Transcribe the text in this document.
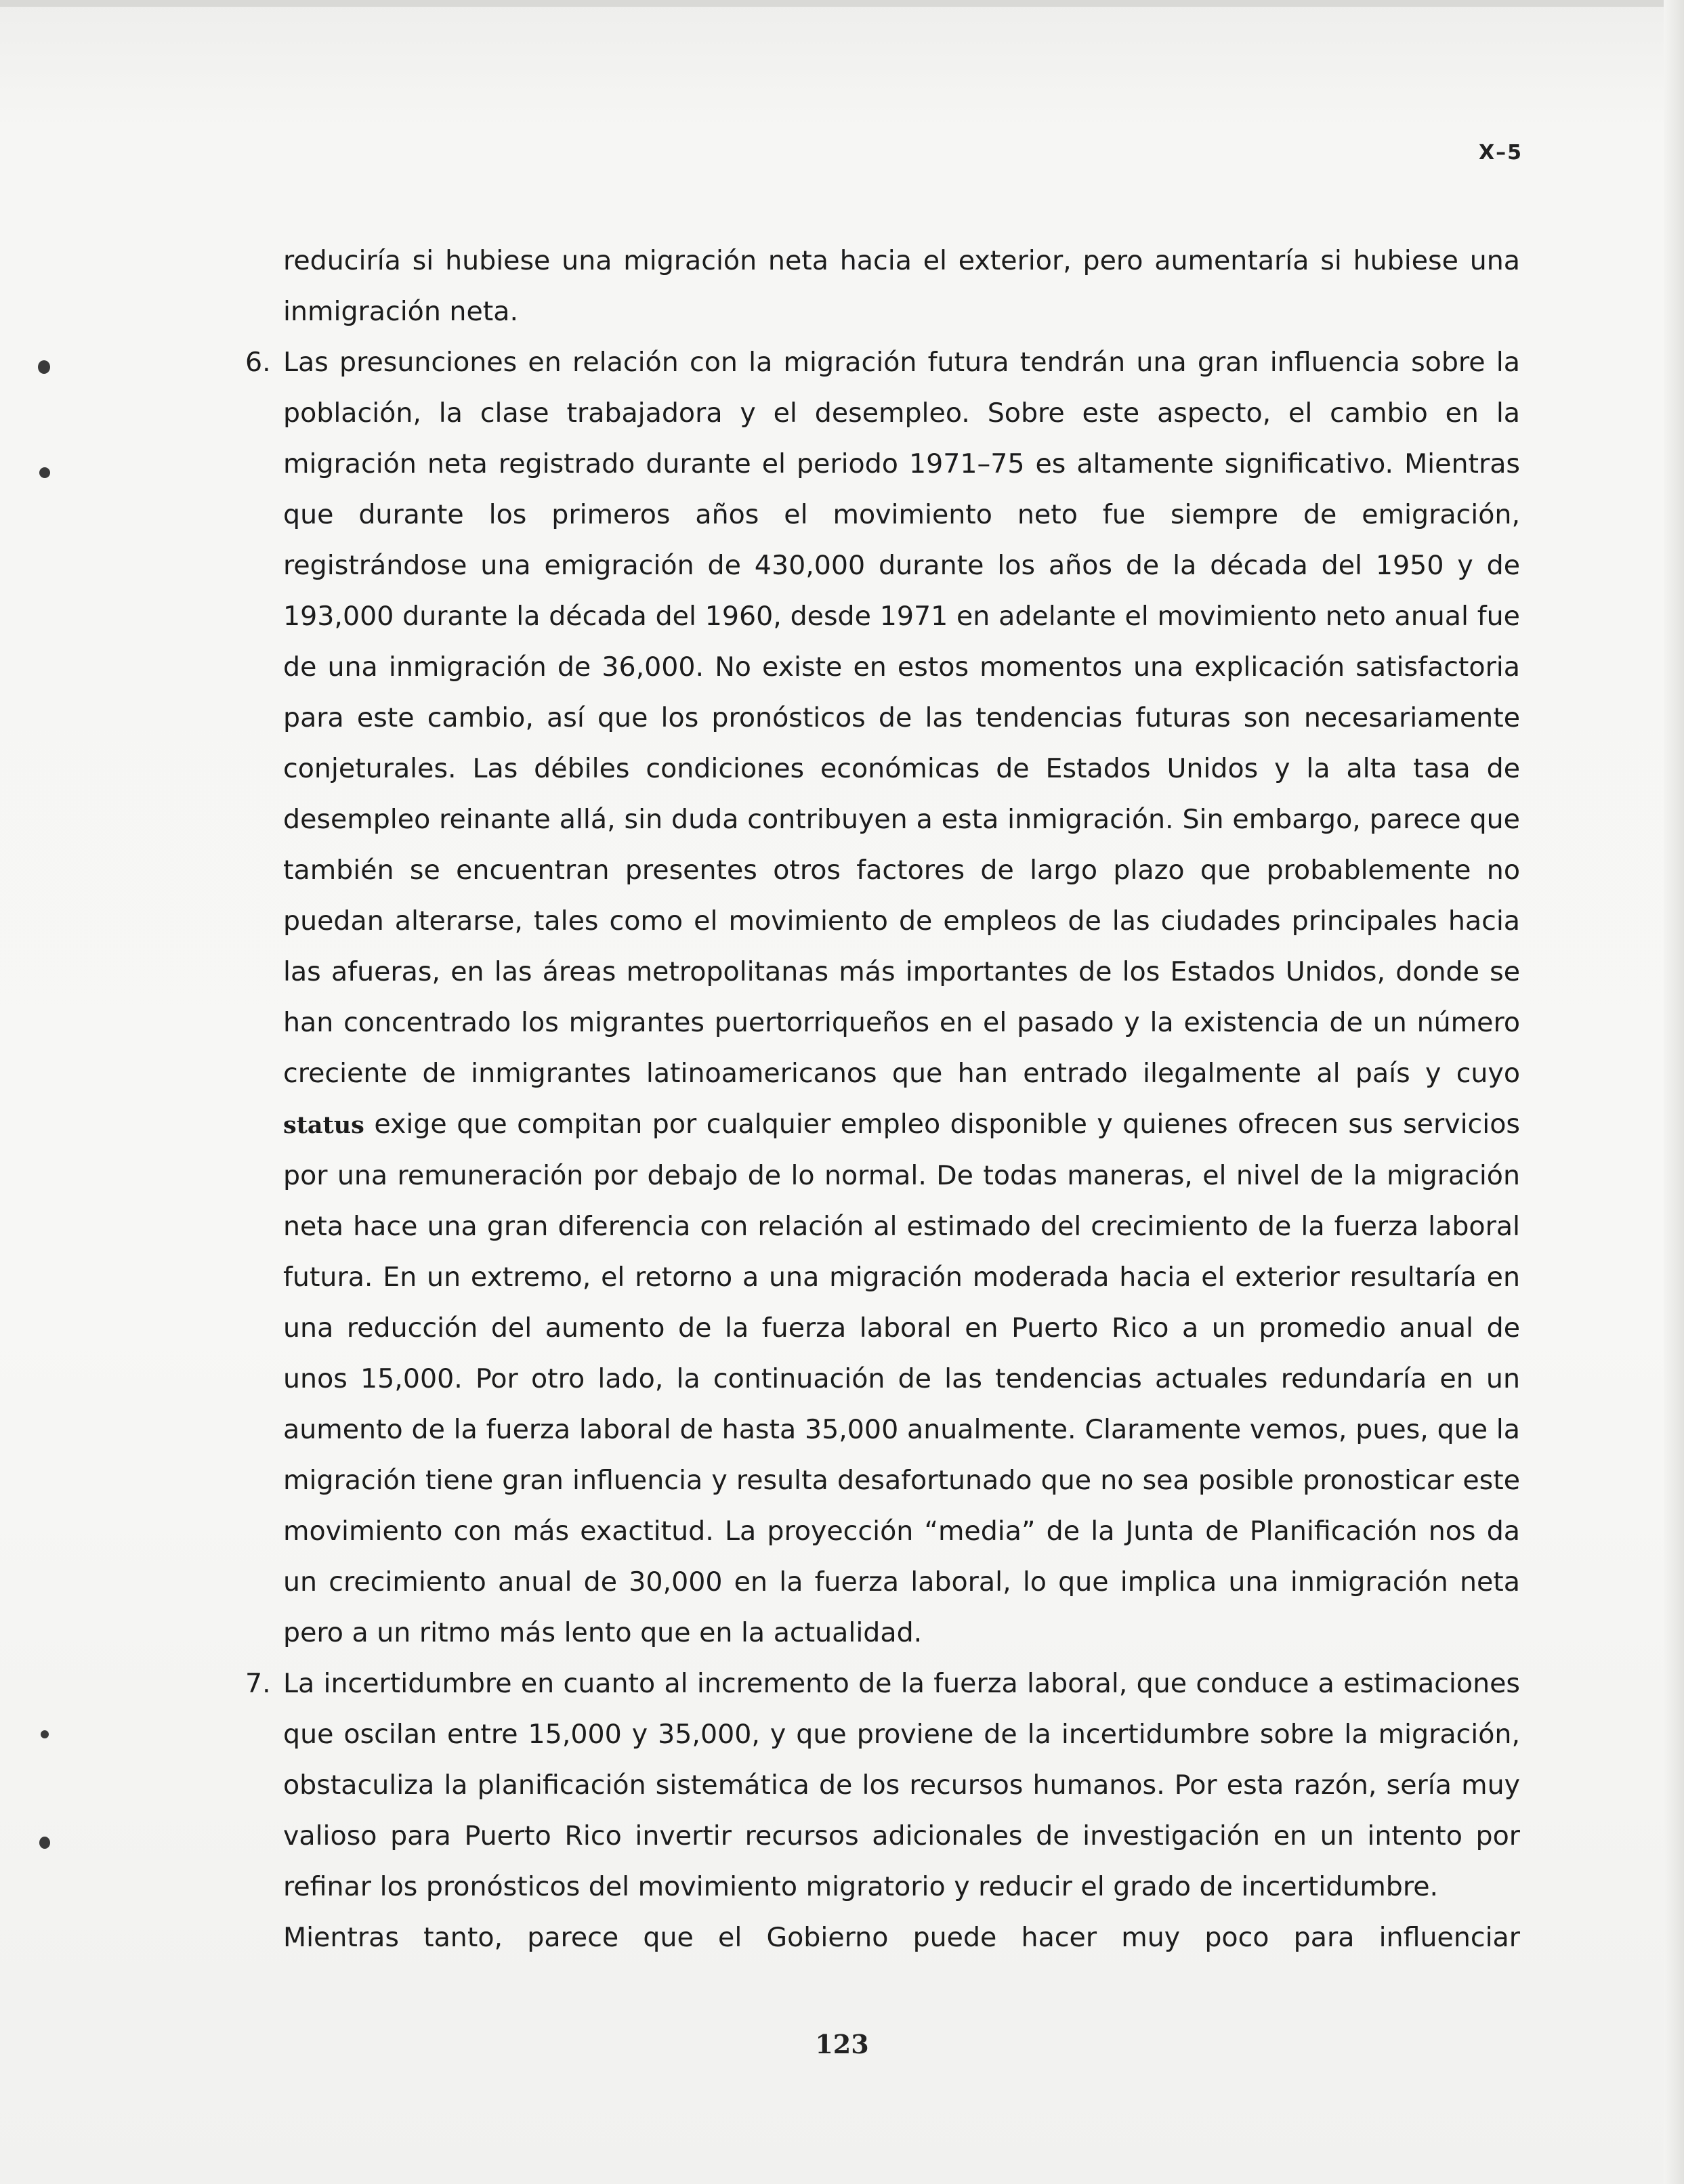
X–5

reduciría si hubiese una migración neta hacia el exterior, pero aumentaría si hubiese una inmigración neta.

6. Las presunciones en relación con la migración futura tendrán una gran influencia sobre la población, la clase trabajadora y el desempleo. Sobre este aspecto, el cambio en la migración neta registrado durante el periodo 1971–75 es altamente significativo. Mientras que durante los primeros años el movimiento neto fue siempre de emigración, registrándose una emigración de 430,000 durante los años de la década del 1950 y de 193,000 durante la década del 1960, desde 1971 en adelante el movimiento neto anual fue de una inmigración de 36,000. No existe en estos momentos una explicación satisfactoria para este cambio, así que los pronósticos de las tendencias futuras son necesariamente conjeturales. Las débiles condiciones económicas de Estados Unidos y la alta tasa de desempleo reinante allá, sin duda contribuyen a esta inmigración. Sin embargo, parece que también se encuentran presentes otros factores de largo plazo que probablemente no puedan alterarse, tales como el movimiento de empleos de las ciudades principales hacia las afueras, en las áreas metropolitanas más importantes de los Estados Unidos, donde se han concentrado los migrantes puertorriqueños en el pasado y la existencia de un número creciente de inmigrantes latinoamericanos que han entrado ilegalmente al país y cuyo status exige que compitan por cualquier empleo disponible y quienes ofrecen sus servicios por una remuneración por debajo de lo normal. De todas maneras, el nivel de la migración neta hace una gran diferencia con relación al estimado del crecimiento de la fuerza laboral futura. En un extremo, el retorno a una migración moderada hacia el exterior resultaría en una reducción del aumento de la fuerza laboral en Puerto Rico a un promedio anual de unos 15,000. Por otro lado, la continuación de las tendencias actuales redundaría en un aumento de la fuerza laboral de hasta 35,000 anualmente. Claramente vemos, pues, que la migración tiene gran influencia y resulta desafortunado que no sea posible pronosticar este movimiento con más exactitud. La proyección “media” de la Junta de Planificación nos da un crecimiento anual de 30,000 en la fuerza laboral, lo que implica una inmigración neta pero a un ritmo más lento que en la actualidad.

7. La incertidumbre en cuanto al incremento de la fuerza laboral, que conduce a estimaciones que oscilan entre 15,000 y 35,000, y que proviene de la incertidumbre sobre la migración, obstaculiza la planificación sistemática de los recursos humanos. Por esta razón, sería muy valioso para Puerto Rico invertir recursos adicionales de investigación en un intento por refinar los pronósticos del movimiento migratorio y reducir el grado de incertidumbre.

Mientras tanto, parece que el Gobierno puede hacer muy poco para influenciar

123
